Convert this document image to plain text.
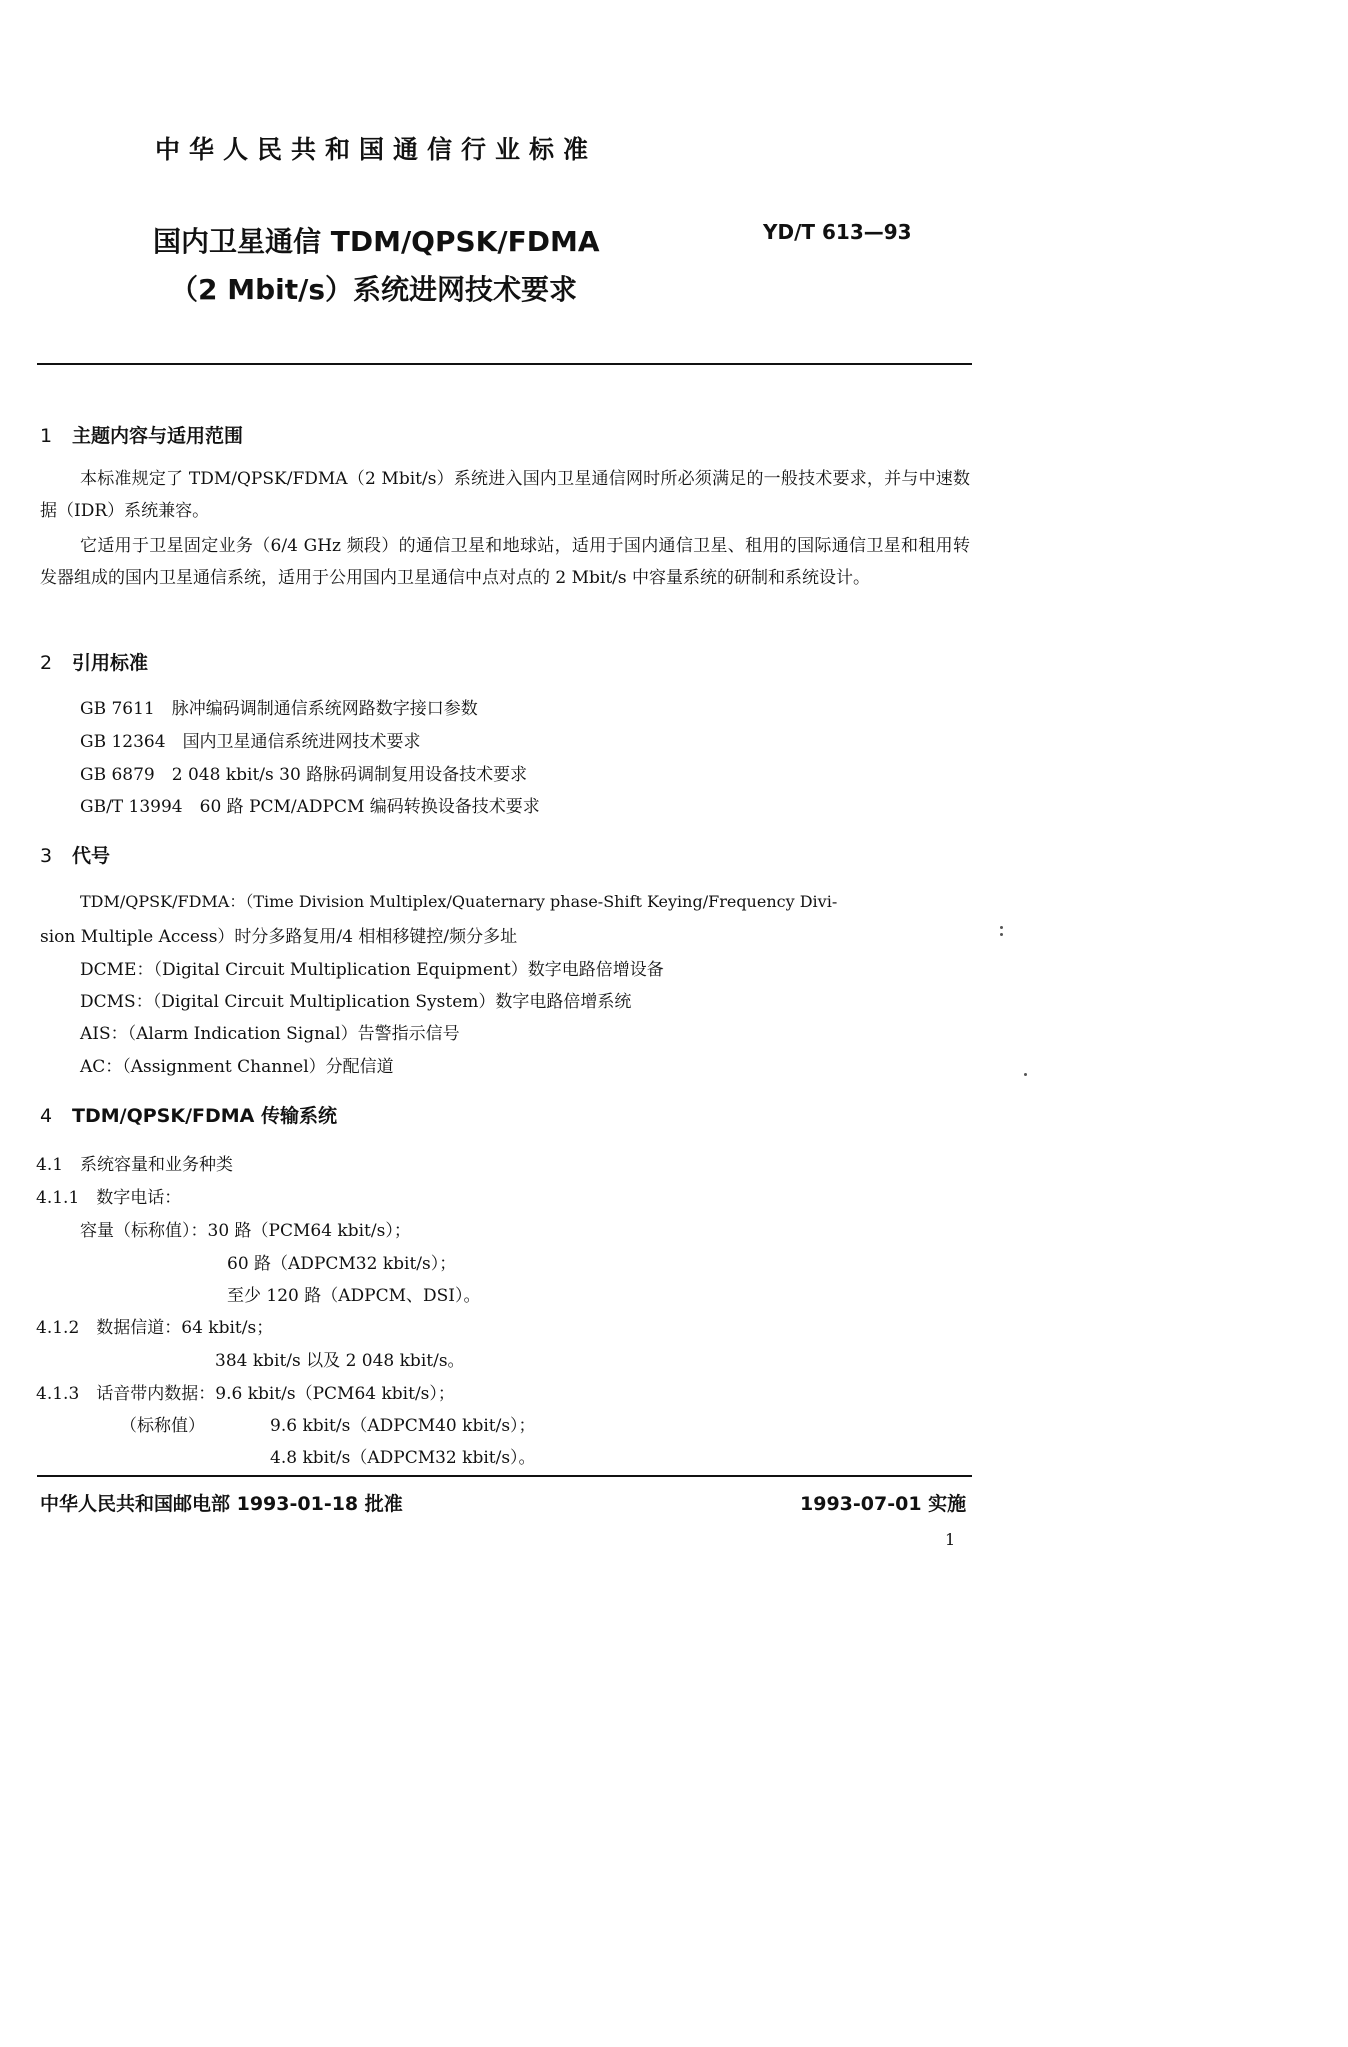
中华人民共和国通信行业标准
国内卫星通信 TDM/QPSK/FDMA
（2 Mbit/s）系统进网技术要求
YD/T 613—93
1 主题内容与适用范围
本标准规定了 TDM/QPSK/FDMA（2 Mbit/s）系统进入国内卫星通信网时所必须满足的一般技术要求，并与中速数据（IDR）系统兼容。
它适用于卫星固定业务（6/4 GHz 频段）的通信卫星和地球站，适用于国内通信卫星、租用的国际通信卫星和租用转发器组成的国内卫星通信系统，适用于公用国内卫星通信中点对点的 2 Mbit/s 中容量系统的研制和系统设计。
2 引用标准
GB 7611　 脉冲编码调制通信系统网路数字接口参数
GB 12364　 国内卫星通信系统进网技术要求
GB 6879　 2 048 kbit/s 30 路脉码调制复用设备技术要求
GB/T 13994　 60 路 PCM/ADPCM 编码转换设备技术要求
3 代号
TDM/QPSK/FDMA：（Time Division Multiplex/Quaternary phase-Shift Keying/Frequency Divi-
sion Multiple Access）时分多路复用/4 相相移键控/频分多址
DCME：（Digital Circuit Multiplication Equipment）数字电路倍增设备
DCMS：（Digital Circuit Multiplication System）数字电路倍增系统
AIS：（Alarm Indication Signal）告警指示信号
AC：（Assignment Channel）分配信道
4 TDM/QPSK/FDMA 传输系统
4.1　系统容量和业务种类
4.1.1　数字电话：
容量（标称值）：30 路（PCM64 kbit/s）；
60 路（ADPCM32 kbit/s）；
至少 120 路（ADPCM、DSI）。
4.1.2　数据信道：64 kbit/s；
384 kbit/s 以及 2 048 kbit/s。
4.1.3　话音带内数据：9.6 kbit/s（PCM64 kbit/s）；
（标称值）	9.6 kbit/s（ADPCM40 kbit/s）；
4.8 kbit/s（ADPCM32 kbit/s）。
中华人民共和国邮电部 1993-01-18 批准	1993-07-01 实施
1
